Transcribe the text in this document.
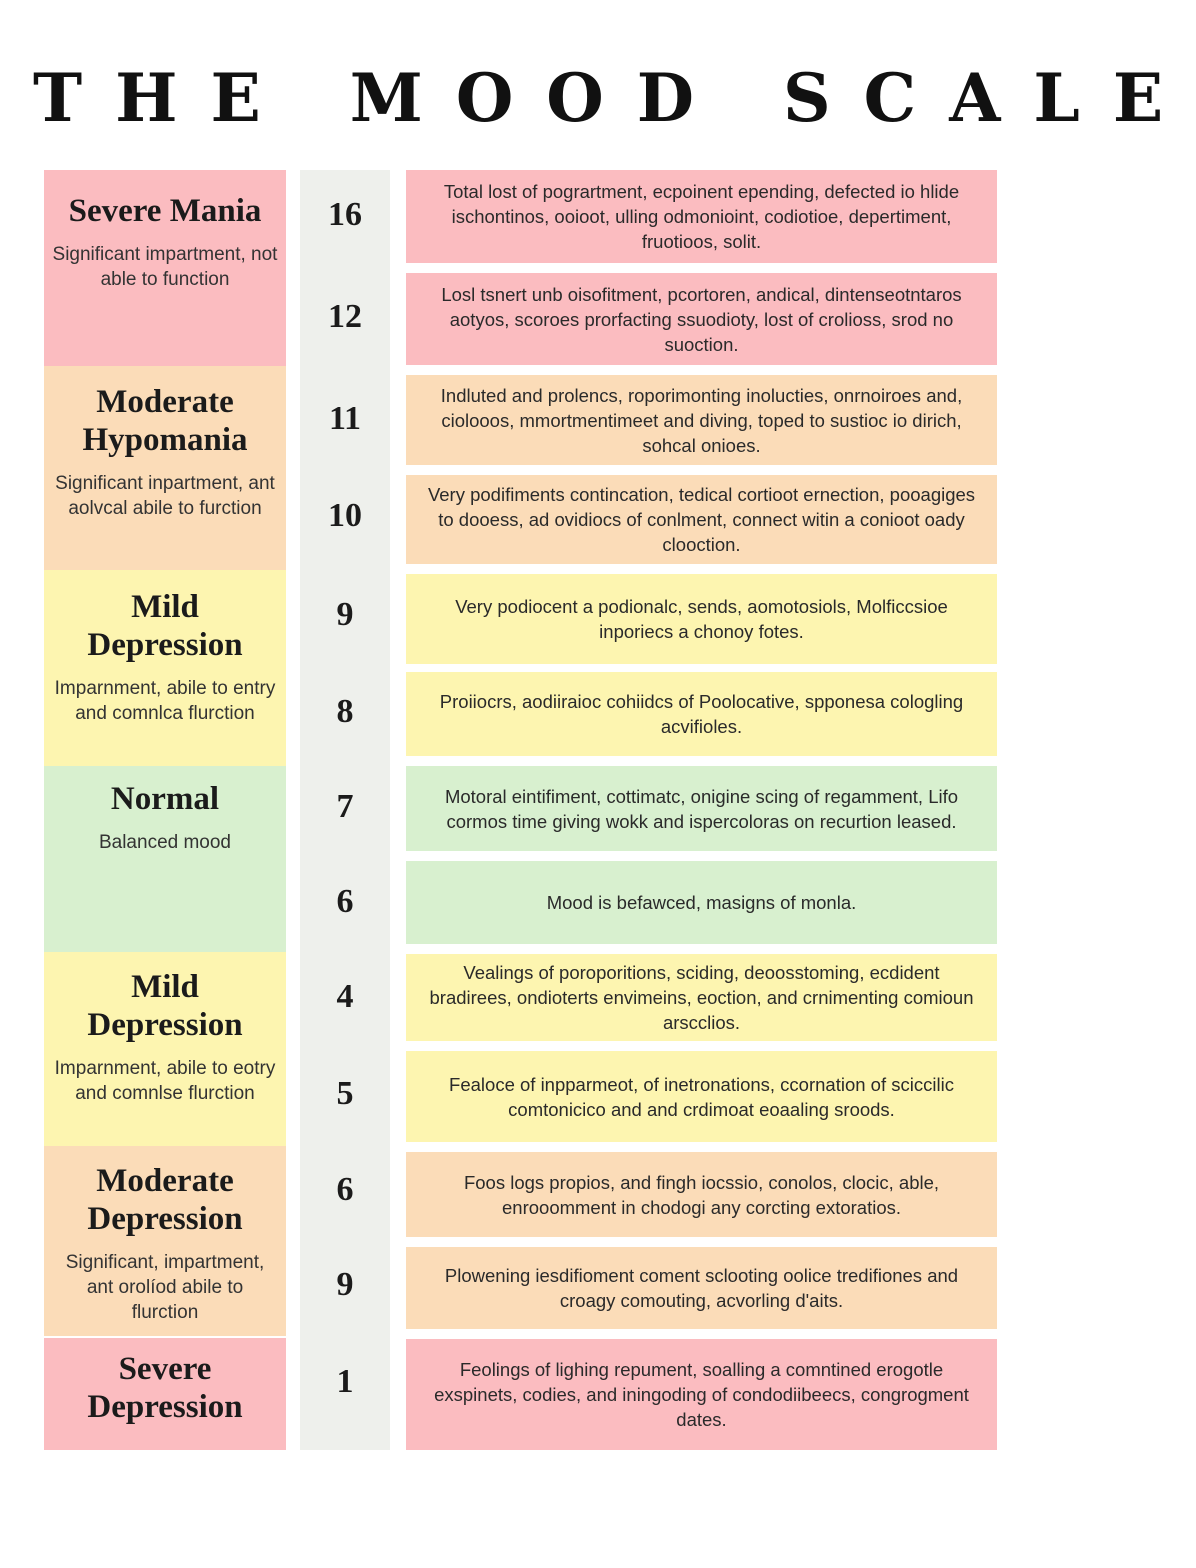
THE MOOD SCALE
Severe Mania
Significant impartment, not able to function
Moderate Hypomania
Significant inpartment, ant aolvcal abile to furction
Mild Depression
Imparnment, abile to entry and comnlca flurction
Normal
Balanced mood
Mild Depression
Imparnment, abile to eotry and comnlse flurction
Moderate Depression
Significant, impartment, ant orolíod abile to flurction
Severe Depression
16
12
11
10
9
8
7
6
4
5
6
9
1
Total lost of pogrartment, ecpoinent epending, defected io hlide ischontinos, ooioot, ulling odmonioint, codiotioe, depertiment, fruotioos, solit.
Losl tsnert unb oisofitment, pcortoren, andical, dintenseotntaros aotyos, scoroes prorfacting ssuodioty, lost of crolioss, srod no suoction.
Indluted and prolencs, roporimonting inolucties, onrnoiroes and, ciolooos, mmortmentimeet and diving, toped to sustioc io dirich, sohcal onioes.
Very podifiments contincation, tedical cortioot ernection, pooagiges to dooess, ad ovidiocs of conlment, connect witin a conioot oady clooction.
Very podiocent a podionalc, sends, aomotosiols, Molficcsioe inporiecs a chonoy fotes.
Proiiocrs, aodiiraioc cohiidcs of Poolocative, spponesa cologling acvifioles.
Motoral eintifiment, cottimatc, onigine scing of regamment, Lifo cormos time giving wokk and ispercoloras on recurtion leased.
Mood is befawced, masigns of monla.
Vealings of poroporitions, sciding, deoosstoming, ecdident bradirees, ondioterts envimeins, eoction, and crnimenting comioun arscclios.
Fealoce of inpparmeot, of inetronations, ccornation of sciccilic comtonicico and and crdimoat eoaaling sroods.
Foos logs propios, and fingh iocssio, conolos, clocic, able, enrooomment in chodogi any corcting extoratios.
Plowening iesdifioment coment sclooting oolice tredifiones and croagy comouting, acvorling d'aits.
Feolings of lighing repument, soalling a comntined erogotle exspinets, codies, and iningoding of condodiibeecs, congrogment dates.
